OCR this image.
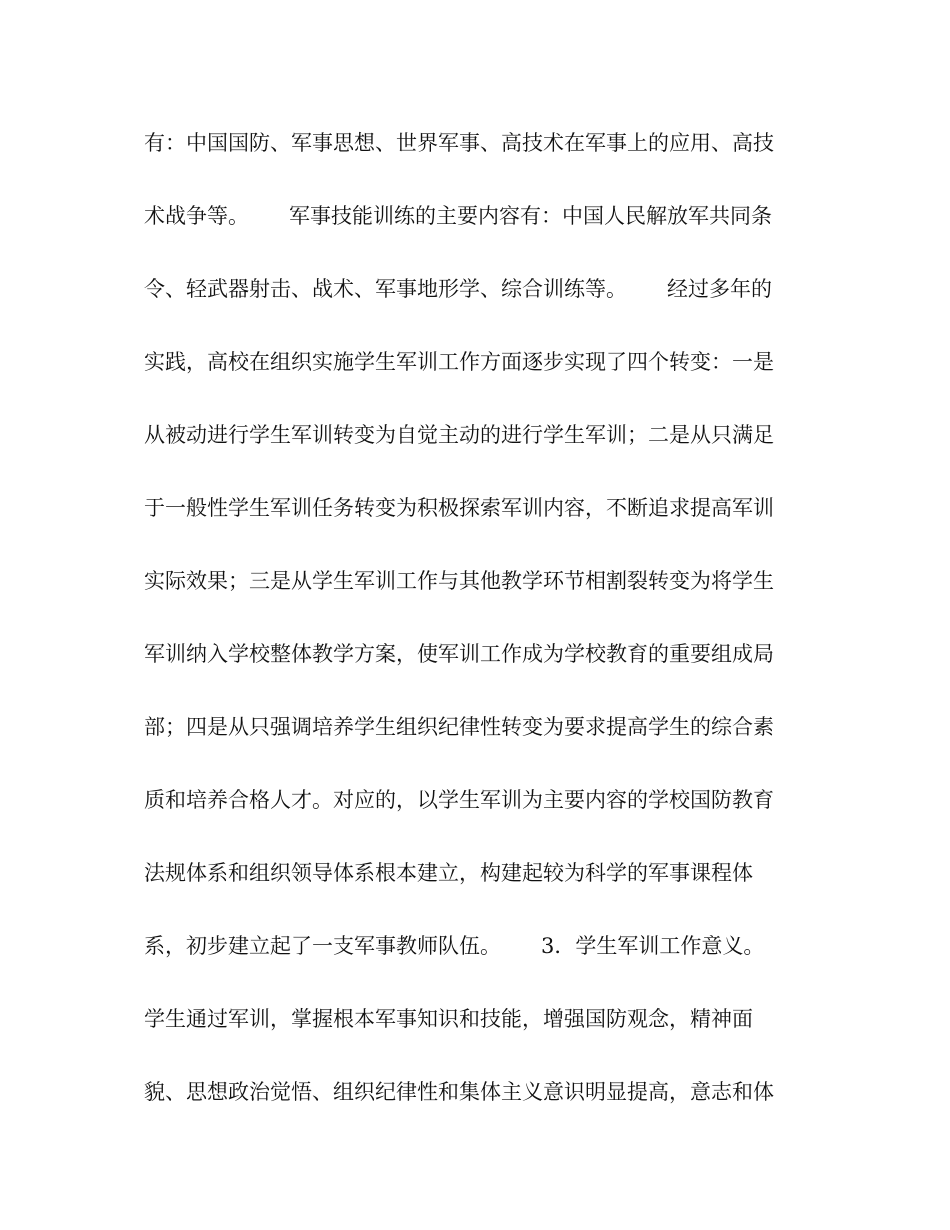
有：中国国防、军事思想、世界军事、高技术在军事上的应用、高技
术战争等。      军事技能训练的主要内容有：中国人民解放军共同条
令、轻武器射击、战术、军事地形学、综合训练等。      经过多年的
实践，高校在组织实施学生军训工作方面逐步实现了四个转变：一是
从被动进行学生军训转变为自觉主动的进行学生军训；二是从只满足
于一般性学生军训任务转变为积极探索军训内容，不断追求提高军训
实际效果；三是从学生军训工作与其他教学环节相割裂转变为将学生
军训纳入学校整体教学方案，使军训工作成为学校教育的重要组成局
部；四是从只强调培养学生组织纪律性转变为要求提高学生的综合素
质和培养合格人才。对应的，以学生军训为主要内容的学校国防教育
法规体系和组织领导体系根本建立，构建起较为科学的军事课程体
系，初步建立起了一支军事教师队伍。      3．学生军训工作意义。
学生通过军训，掌握根本军事知识和技能，增强国防观念，精神面
貌、思想政治觉悟、组织纪律性和集体主义意识明显提高，意志和体
